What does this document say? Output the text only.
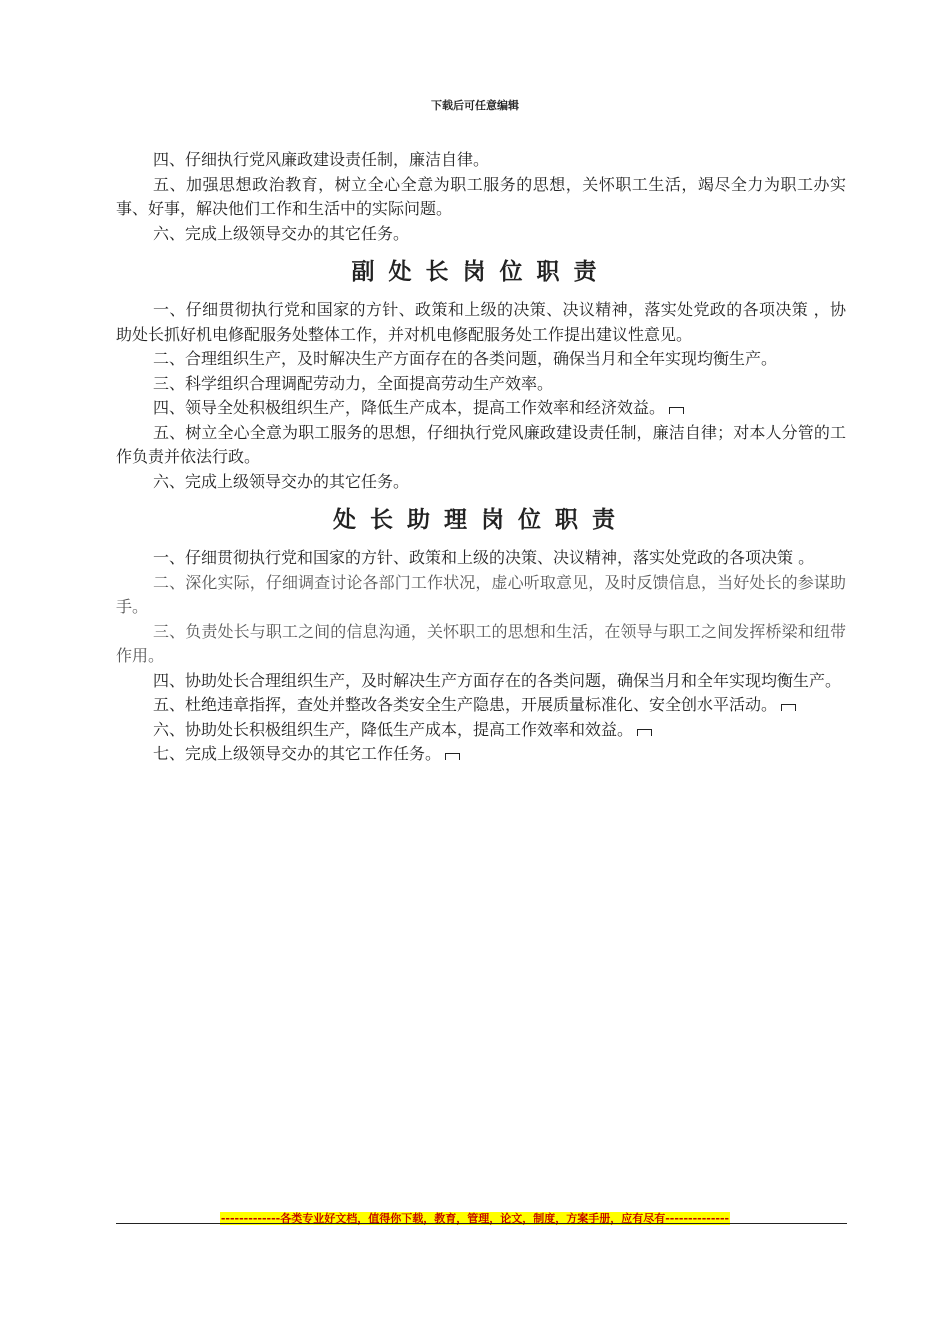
下载后可任意编辑

四、仔细执行党风廉政建设责任制，廉洁自律。

五、加强思想政治教育，树立全心全意为职工服务的思想，关怀职工生活，竭尽全力为职工办实事、好事，解决他们工作和生活中的实际问题。

六、完成上级领导交办的其它任务。

副处长岗位职责

一、仔细贯彻执行党和国家的方针、政策和上级的决策、决议精神，落实处党政的各项决策 ，协助处长抓好机电修配服务处整体工作，并对机电修配服务处工作提出建议性意见。

二、合理组织生产，及时解决生产方面存在的各类问题，确保当月和全年实现均衡生产。

三、科学组织合理调配劳动力，全面提高劳动生产效率。

四、领导全处积极组织生产，降低生产成本，提高工作效率和经济效益。

五、树立全心全意为职工服务的思想，仔细执行党风廉政建设责任制，廉洁自律；对本人分管的工作负责并依法行政。

六、完成上级领导交办的其它任务。

处长助理岗位职责

一、仔细贯彻执行党和国家的方针、政策和上级的决策、决议精神，落实处党政的各项决策 。

二、深化实际，仔细调查讨论各部门工作状况，虚心听取意见，及时反馈信息，当好处长的参谋助手。

三、负责处长与职工之间的信息沟通，关怀职工的思想和生活，在领导与职工之间发挥桥梁和纽带作用。

四、协助处长合理组织生产，及时解决生产方面存在的各类问题，确保当月和全年实现均衡生产。

五、杜绝违章指挥，查处并整改各类安全生产隐患，开展质量标准化、安全创水平活动。

六、协助处长积极组织生产，降低生产成本，提高工作效率和效益。

七、完成上级领导交办的其它工作任务。

-------------各类专业好文档，值得你下载，教育，管理，论文，制度，方案手册，应有尽有--------------
